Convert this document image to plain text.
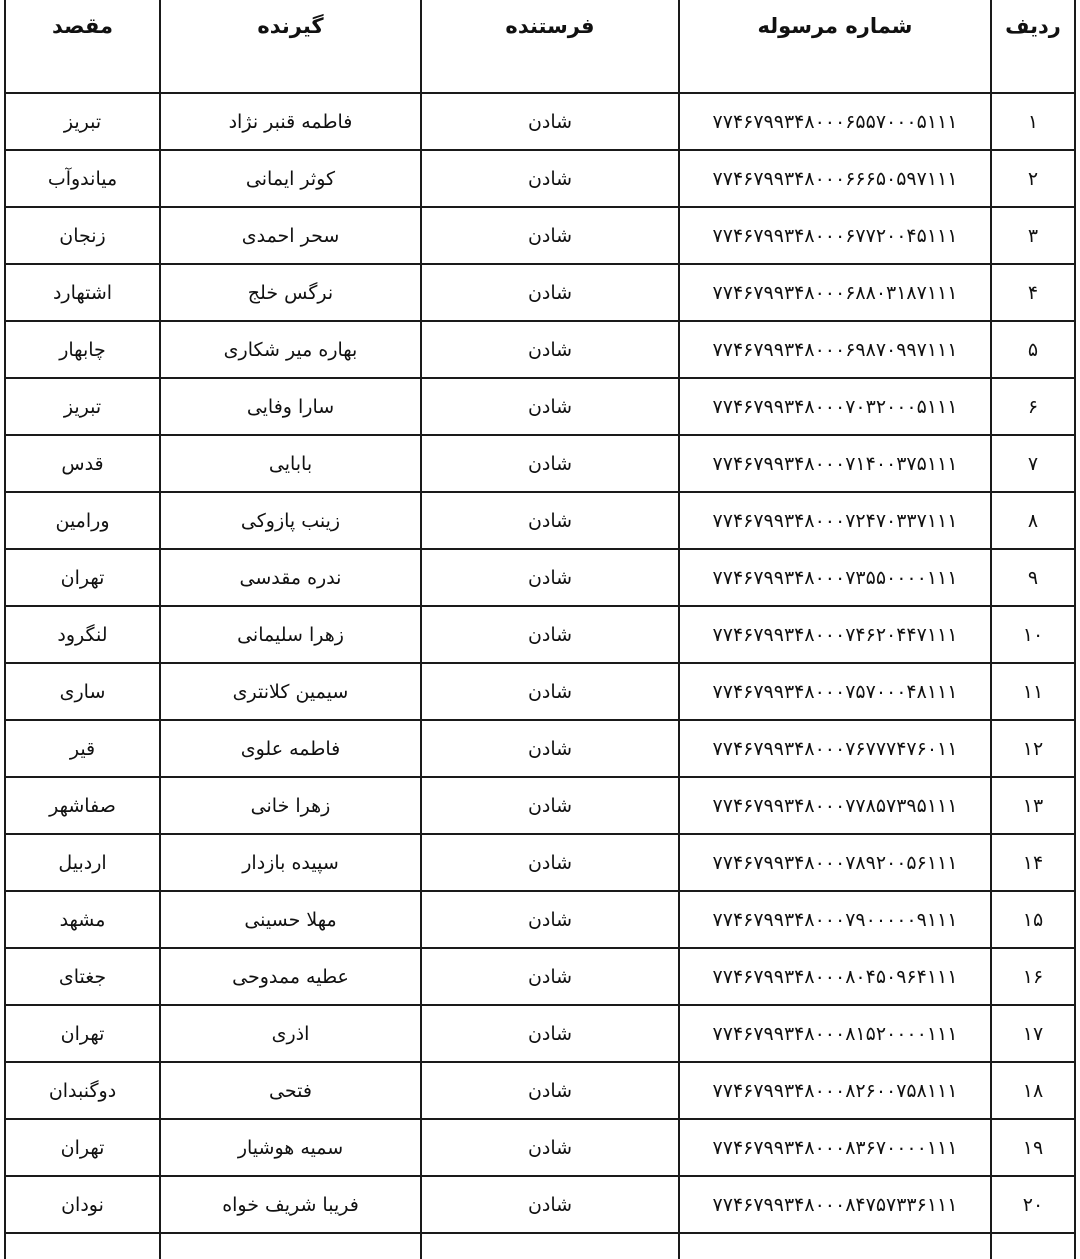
ردیف	شماره مرسوله	فرستنده	گیرنده	مقصد
۱	۷۷۴۶۷۹۹۳۴۸۰۰۰۶۵۵۷۰۰۰۵۱۱۱	شادن	فاطمه قنبر نژاد	تبریز
۲	۷۷۴۶۷۹۹۳۴۸۰۰۰۶۶۶۵۰۵۹۷۱۱۱	شادن	کوثر ایمانی	میاندوآب
۳	۷۷۴۶۷۹۹۳۴۸۰۰۰۶۷۷۲۰۰۴۵۱۱۱	شادن	سحر احمدی	زنجان
۴	۷۷۴۶۷۹۹۳۴۸۰۰۰۶۸۸۰۳۱۸۷۱۱۱	شادن	نرگس خلج	اشتهارد
۵	۷۷۴۶۷۹۹۳۴۸۰۰۰۶۹۸۷۰۹۹۷۱۱۱	شادن	بهاره میر شکاری	چابهار
۶	۷۷۴۶۷۹۹۳۴۸۰۰۰۷۰۳۲۰۰۰۵۱۱۱	شادن	سارا وفایی	تبریز
۷	۷۷۴۶۷۹۹۳۴۸۰۰۰۷۱۴۰۰۳۷۵۱۱۱	شادن	بابایی	قدس
۸	۷۷۴۶۷۹۹۳۴۸۰۰۰۷۲۴۷۰۳۳۷۱۱۱	شادن	زینب پازوکی	ورامین
۹	۷۷۴۶۷۹۹۳۴۸۰۰۰۷۳۵۵۰۰۰۰۱۱۱	شادن	ندره مقدسی	تهران
۱۰	۷۷۴۶۷۹۹۳۴۸۰۰۰۷۴۶۲۰۴۴۷۱۱۱	شادن	زهرا سلیمانی	لنگرود
۱۱	۷۷۴۶۷۹۹۳۴۸۰۰۰۷۵۷۰۰۰۴۸۱۱۱	شادن	سیمین کلانتری	ساری
۱۲	۷۷۴۶۷۹۹۳۴۸۰۰۰۷۶۷۷۷۴۷۶۰۱۱	شادن	فاطمه علوی	قیر
۱۳	۷۷۴۶۷۹۹۳۴۸۰۰۰۷۷۸۵۷۳۹۵۱۱۱	شادن	زهرا خانی	صفاشهر
۱۴	۷۷۴۶۷۹۹۳۴۸۰۰۰۷۸۹۲۰۰۵۶۱۱۱	شادن	سپیده بازدار	اردبیل
۱۵	۷۷۴۶۷۹۹۳۴۸۰۰۰۷۹۰۰۰۰۰۹۱۱۱	شادن	مهلا حسینی	مشهد
۱۶	۷۷۴۶۷۹۹۳۴۸۰۰۰۸۰۴۵۰۹۶۴۱۱۱	شادن	عطیه ممدوحی	جغتای
۱۷	۷۷۴۶۷۹۹۳۴۸۰۰۰۸۱۵۲۰۰۰۰۱۱۱	شادن	اذری	تهران
۱۸	۷۷۴۶۷۹۹۳۴۸۰۰۰۸۲۶۰۰۷۵۸۱۱۱	شادن	فتحی	دوگنبدان
۱۹	۷۷۴۶۷۹۹۳۴۸۰۰۰۸۳۶۷۰۰۰۰۱۱۱	شادن	سمیه هوشیار	تهران
۲۰	۷۷۴۶۷۹۹۳۴۸۰۰۰۸۴۷۵۷۳۳۶۱۱۱	شادن	فریبا شریف خواه	نودان
